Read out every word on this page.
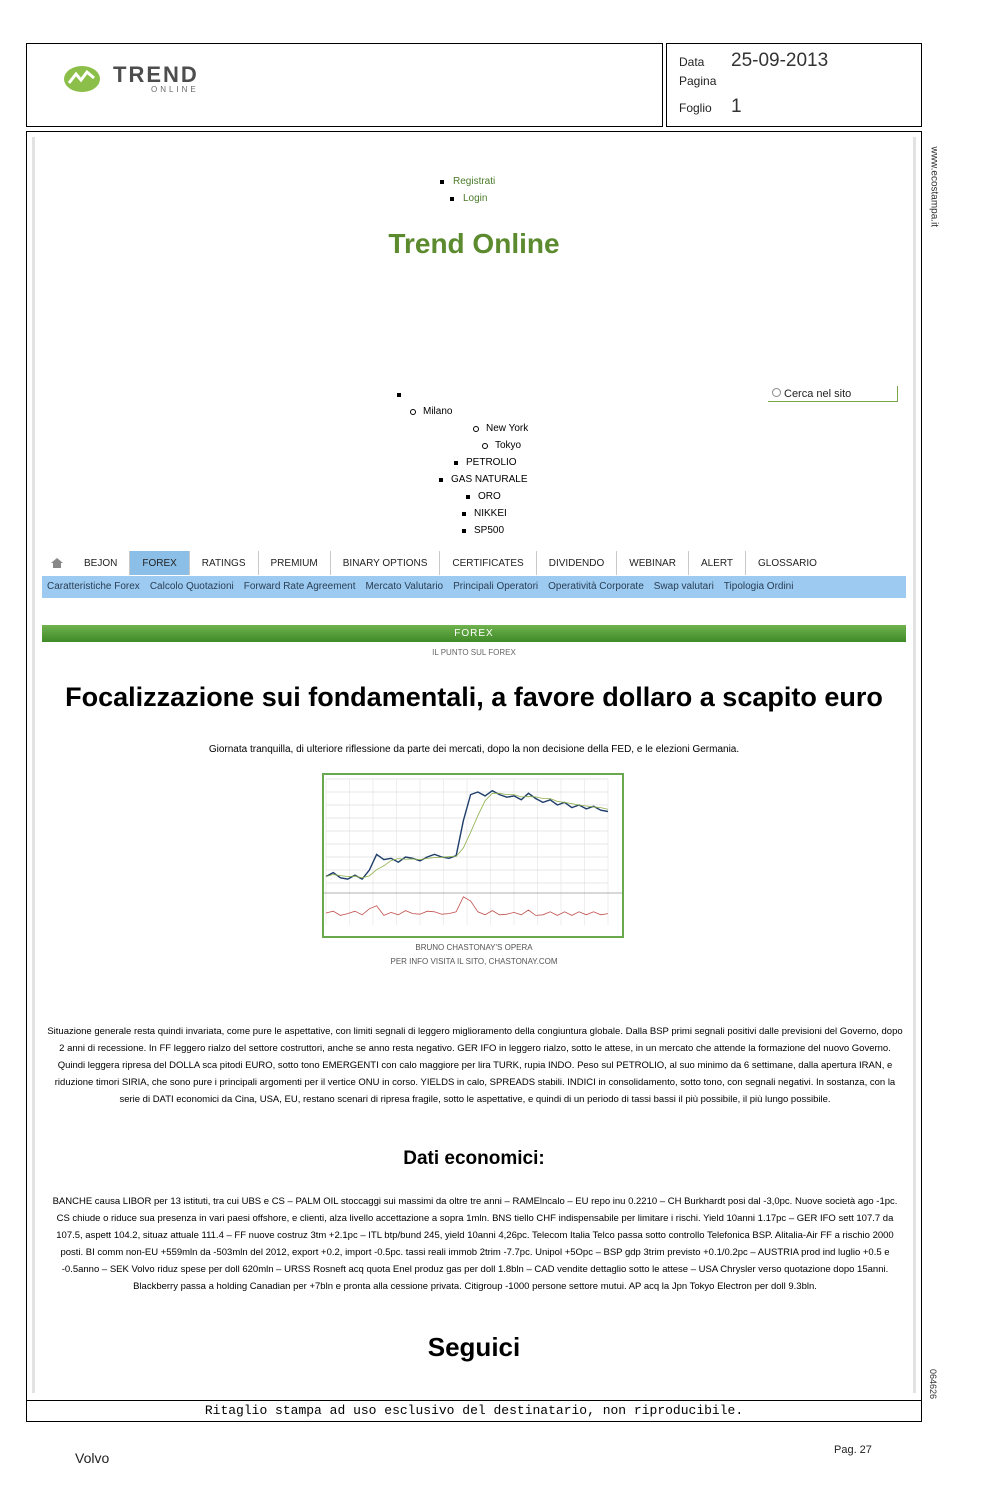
TREND
ONLINE
Data	25-09-2013
Pagina
Foglio	1
www.ecostampa.it
064626
Ritaglio stampa ad uso esclusivo del destinatario, non riproducibile.
Registrati
Login
Trend Online
Cerca nel sito

Milano
New York
Tokyo
PETROLIO
GAS NATURALE
ORO
NIKKEI
SP500
BEJON	FOREX	RATINGS	PREMIUM	BINARY OPTIONS	CERTIFICATES	DIVIDENDO	WEBINAR	ALERT	GLOSSARIO
Caratteristiche Forex	Calcolo Quotazioni	Forward Rate Agreement	Mercato Valutario	Principali Operatori	Operatività Corporate	Swap valutari	Tipologia Ordini
FOREX
IL PUNTO SUL FOREX
Focalizzazione sui fondamentali, a favore dollaro a scapito euro
Giornata tranquilla, di ulteriore riflessione da parte dei mercati, dopo la non decisione della FED, e le elezioni Germania.
BRUNO CHASTONAY'S OPERA
PER INFO VISITA IL SITO, CHASTONAY.COM
Situazione generale resta quindi invariata, come pure le aspettative, con limiti segnali di leggero miglioramento della congiuntura globale. Dalla BSP primi segnali positivi dalle previsioni del Governo, dopo 2 anni di recessione. In FF leggero rialzo del settore costruttori, anche se anno resta negativo. GER IFO in leggero rialzo, sotto le attese, in un mercato che attende la formazione del nuovo Governo. Quindi leggera ripresa del DOLLA sca pitodi EURO, sotto tono EMERGENTI con calo maggiore per lira TURK, rupia INDO. Peso sul PETROLIO, al suo minimo da 6 settimane, dalla apertura IRAN, e riduzione timori SIRIA, che sono pure i principali argomenti per il vertice ONU in corso. YIELDS in calo, SPREADS stabili. INDICI in consolidamento, sotto tono, con segnali negativi. In sostanza, con la serie di DATI economici da Cina, USA, EU, restano scenari di ripresa fragile, sotto le aspettative, e quindi di un periodo di tassi bassi il più possibile, il più lungo possibile.
Dati economici:
BANCHE causa LIBOR per 13 istituti, tra cui UBS e CS – PALM OIL stoccaggi sui massimi da oltre tre anni – RAMElncalo – EU repo inu 0.2210 – CH Burkhardt posi dal -3,0pc. Nuove società ago -1pc. CS chiude o riduce sua presenza in vari paesi offshore, e clienti, alza livello accettazione a sopra 1mln. BNS tiello CHF indispensabile per limitare i rischi. Yield 10anni 1.17pc – GER IFO sett 107.7 da 107.5, aspett 104.2, situaz attuale 111.4 – FF nuove costruz 3tm +2.1pc – ITL btp/bund 245, yield 10anni 4,26pc. Telecom Italia Telco passa sotto controllo Telefonica BSP. Alitalia-Air FF a rischio 2000 posti. BI comm non-EU +559mln da -503mln del 2012, export +0.2, import -0.5pc. tassi reali immob 2trim -7.7pc. Unipol +5Opc – BSP gdp 3trim previsto +0.1/0.2pc – AUSTRIA prod ind luglio +0.5 e -0.5anno – SEK Volvo riduz spese per doll 620mln – URSS Rosneft acq quota Enel produz gas per doll 1.8bln – CAD vendite dettaglio sotto le attese – USA Chrysler verso quotazione dopo 15anni. Blackberry passa a holding Canadian per +7bln e pronta alla cessione privata. Citigroup -1000 persone settore mutui. AP acq la Jpn Tokyo Electron per doll 9.3bln.
Seguici
Volvo	Pag. 27
